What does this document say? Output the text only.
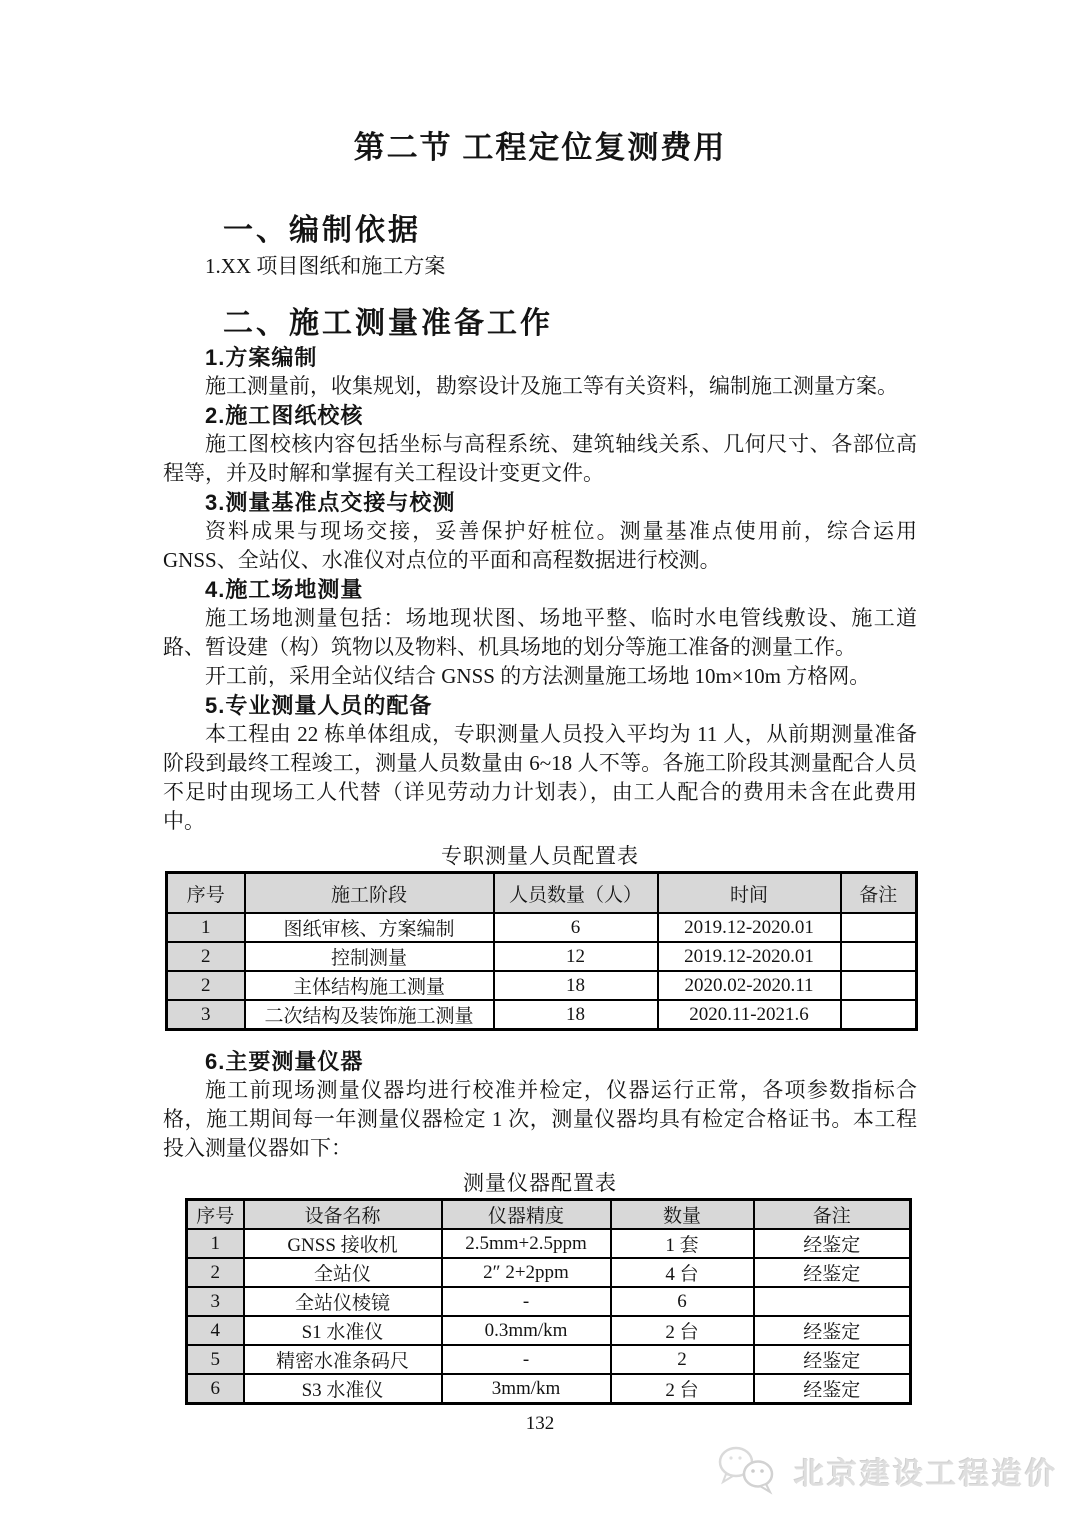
第二节 工程定位复测费用
一、编制依据
1.XX 项目图纸和施工方案
二、施工测量准备工作
1.方案编制

施工测量前，收集规划，勘察设计及施工等有关资料，编制施工测量方案。

2.施工图纸校核

施工图校核内容包括坐标与高程系统、建筑轴线关系、几何尺寸、各部位高程等，并及时解和掌握有关工程设计变更文件。

3.测量基准点交接与校测

资料成果与现场交接，妥善保护好桩位。测量基准点使用前，综合运用 GNSS、全站仪、水准仪对点位的平面和高程数据进行校测。

4.施工场地测量

施工场地测量包括：场地现状图、场地平整、临时水电管线敷设、施工道路、暂设建（构）筑物以及物料、机具场地的划分等施工准备的测量工作。

开工前，采用全站仪结合 GNSS 的方法测量施工场地 10m×10m 方格网。

5.专业测量人员的配备

本工程由 22 栋单体组成，专职测量人员投入平均为 11 人，从前期测量准备阶段到最终工程竣工，测量人员数量由 6~18 人不等。各施工阶段其测量配合人员不足时由现场工人代替（详见劳动力计划表），由工人配合的费用未含在此费用中。

专职测量人员配置表
序号	施工阶段	人员数量（人）	时间	备注
1	图纸审核、方案编制	6	2019.12-2020.01	
2	控制测量	12	2019.12-2020.01	
2	主体结构施工测量	18	2020.02-2020.11	
3	二次结构及装饰施工测量	18	2020.11-2021.6	
6.主要测量仪器

施工前现场测量仪器均进行校准并检定，仪器运行正常，各项参数指标合格，施工期间每一年测量仪器检定 1 次，测量仪器均具有检定合格证书。本工程投入测量仪器如下：

测量仪器配置表
序号	设备名称	仪器精度	数量	备注
1	GNSS 接收机	2.5mm+2.5ppm	1 套	经鉴定
2	全站仪	2″ 2+2ppm	4 台	经鉴定
3	全站仪棱镜	-	6	
4	S1 水准仪	0.3mm/km	2 台	经鉴定
5	精密水准条码尺	-	2	经鉴定
6	S3 水准仪	3mm/km	2 台	经鉴定
132
北京建设工程造价
